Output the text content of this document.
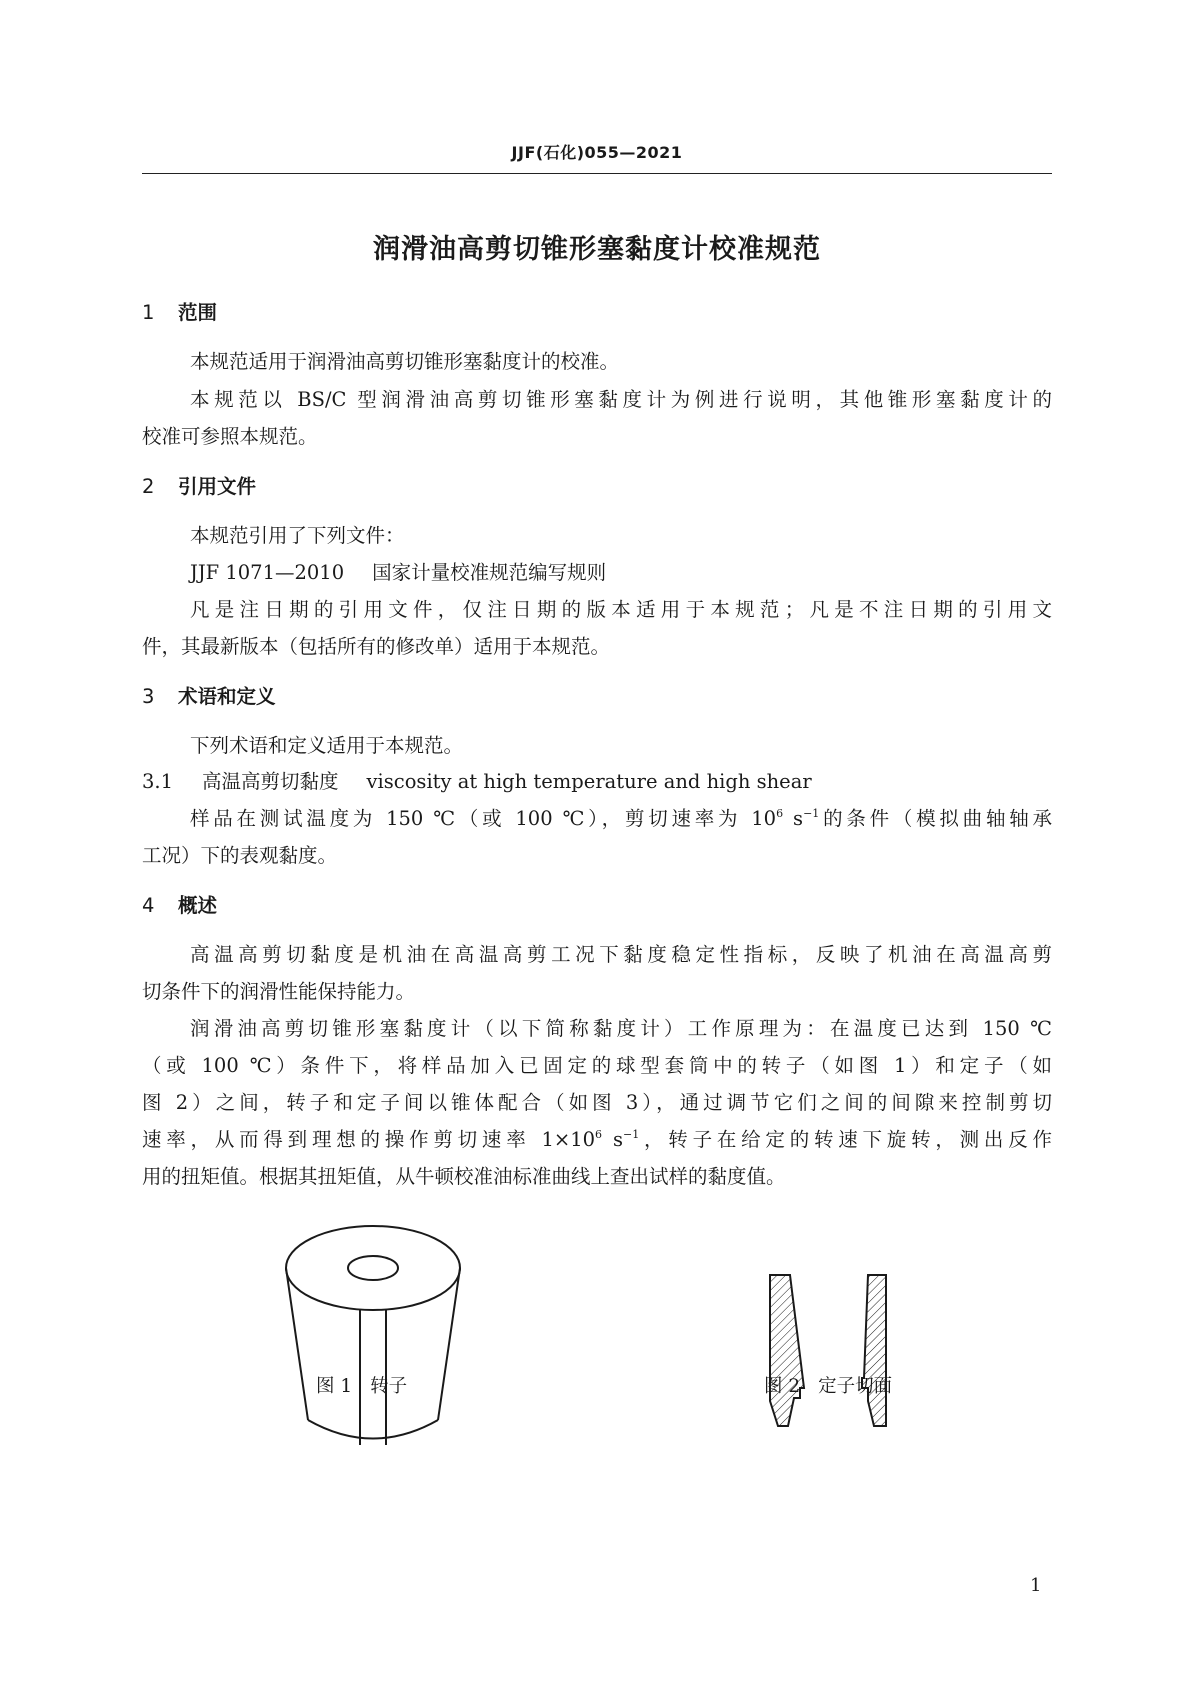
JJF(石化)055—2021
润滑油高剪切锥形塞黏度计校准规范
1 范围
本规范适用于润滑油高剪切锥形塞黏度计的校准。
本规范以 BS/C 型润滑油高剪切锥形塞黏度计为例进行说明，其他锥形塞黏度计的
校准可参照本规范。
2 引用文件
本规范引用了下列文件：
JJF 1071—2010 国家计量校准规范编写规则
凡是注日期的引用文件，仅注日期的版本适用于本规范；凡是不注日期的引用文
件，其最新版本（包括所有的修改单）适用于本规范。
3 术语和定义
下列术语和定义适用于本规范。
3.1 高温高剪切黏度 viscosity at high temperature and high shear
样品在测试温度为 150 ℃（或 100 ℃），剪切速率为 $10^6$ $s^{-1}$的条件（模拟曲轴轴承
工况）下的表观黏度。
4 概述
高温高剪切黏度是机油在高温高剪工况下黏度稳定性指标，反映了机油在高温高剪
切条件下的润滑性能保持能力。
润滑油高剪切锥形塞黏度计（以下简称黏度计）工作原理为：在温度已达到 150 ℃
（或 100 ℃）条件下，将样品加入已固定的球型套筒中的转子（如图 1）和定子（如
图 2）之间，转子和定子间以锥体配合（如图 3），通过调节它们之间的间隙来控制剪切
速率，从而得到理想的操作剪切速率 $1\times 10^6$ $s^{-1}$，转子在给定的转速下旋转，测出反作
用的扭矩值。根据其扭矩值，从牛顿校准油标准曲线上查出试样的黏度值。
图 1 转子	图 2 定子切面
1
